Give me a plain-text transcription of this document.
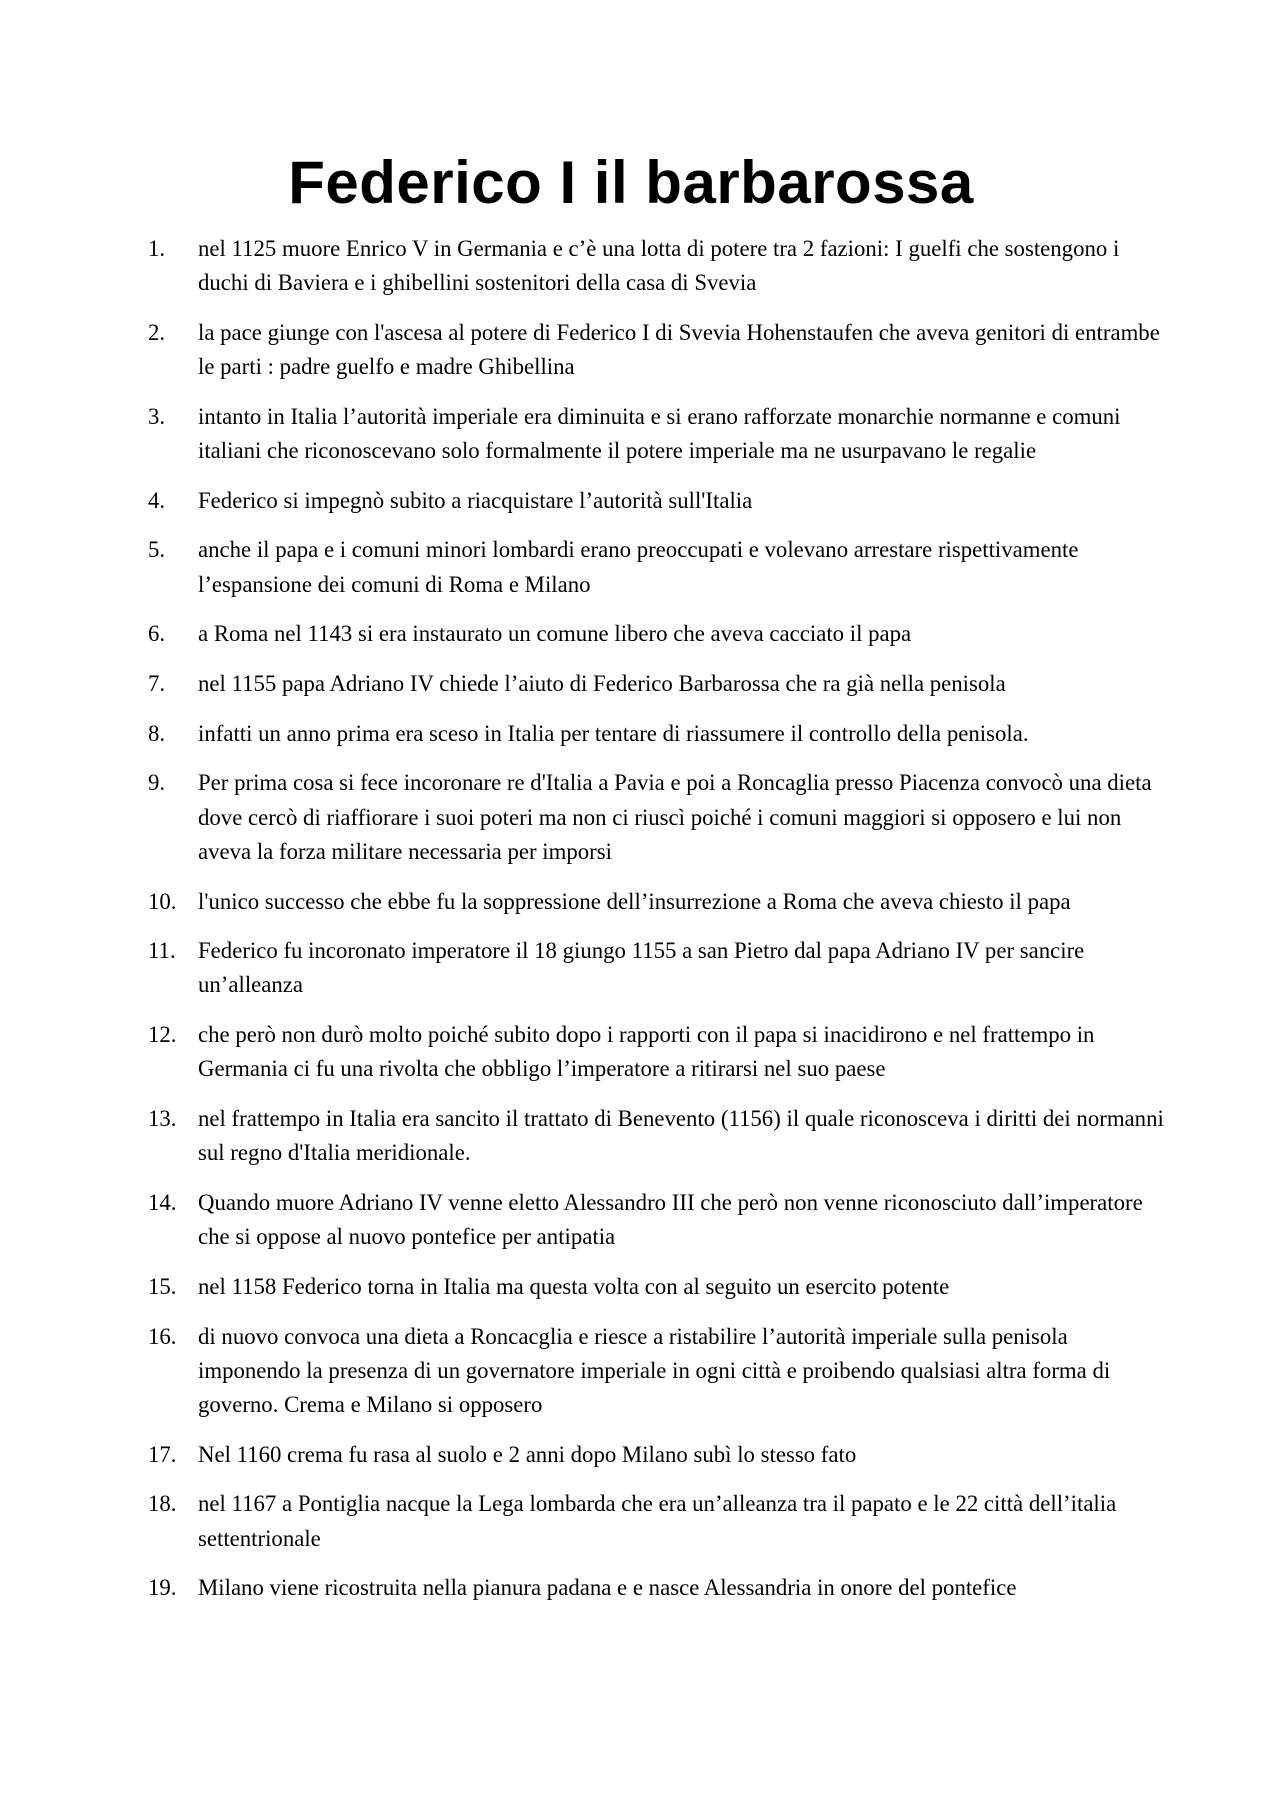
Federico I il barbarossa
1.	nel 1125 muore Enrico V in Germania e c’è una lotta di potere tra 2 fazioni: I guelfi che sostengono i duchi di Baviera e i ghibellini sostenitori della casa di Svevia
2.	la pace giunge con l'ascesa al potere di Federico I di Svevia Hohenstaufen che aveva genitori di entrambe le parti : padre guelfo e madre Ghibellina
3.	intanto in Italia l’autorità imperiale era diminuita e si erano rafforzate monarchie normanne e comuni italiani che riconoscevano solo formalmente il potere imperiale ma ne usurpavano le regalie
4.	Federico si impegnò subito a riacquistare l’autorità sull'Italia
5.	anche il papa e i comuni minori lombardi erano preoccupati e volevano arrestare rispettivamente l’espansione dei comuni di Roma e Milano
6.	a Roma nel 1143 si era instaurato un comune libero che aveva cacciato il papa
7.	nel 1155 papa Adriano IV chiede l’aiuto di Federico Barbarossa che ra già nella penisola
8.	infatti un anno prima era sceso in Italia per tentare di riassumere il controllo della penisola.
9.	Per prima cosa si fece incoronare re d'Italia a Pavia e poi a Roncaglia presso Piacenza convocò una dieta dove cercò di riaffiorare i suoi poteri ma non ci riuscì poiché i comuni maggiori si opposero e lui non aveva la forza militare necessaria per imporsi
10. l'unico successo che ebbe fu la soppressione dell’insurrezione a Roma che aveva chiesto il papa
11. Federico fu incoronato imperatore il 18 giungo 1155 a san Pietro dal papa Adriano IV per sancire un’alleanza
12. che però non durò molto poiché subito dopo i rapporti con il papa si inacidirono e nel frattempo in Germania ci fu una rivolta che obbligo l’imperatore a ritirarsi nel suo paese
13. nel frattempo in Italia era sancito il trattato di Benevento (1156) il quale riconosceva i diritti dei normanni sul regno d'Italia meridionale.
14. Quando muore Adriano IV venne eletto Alessandro III che però non venne riconosciuto dall’imperatore che si oppose al nuovo pontefice per antipatia
15. nel 1158 Federico torna in Italia ma questa volta con al seguito un esercito potente
16. di nuovo convoca una dieta a Roncacglia e riesce a ristabilire l’autorità imperiale sulla penisola imponendo la presenza di un governatore imperiale in ogni città e proibendo qualsiasi altra forma di governo. Crema e Milano si opposero
17. Nel 1160 crema fu rasa al suolo e 2 anni dopo Milano subì lo stesso fato
18. nel 1167 a Pontiglia nacque la Lega lombarda che era un’alleanza tra il papato e le 22 città dell’italia settentrionale
19. Milano viene ricostruita nella pianura padana e e nasce Alessandria in onore del pontefice
